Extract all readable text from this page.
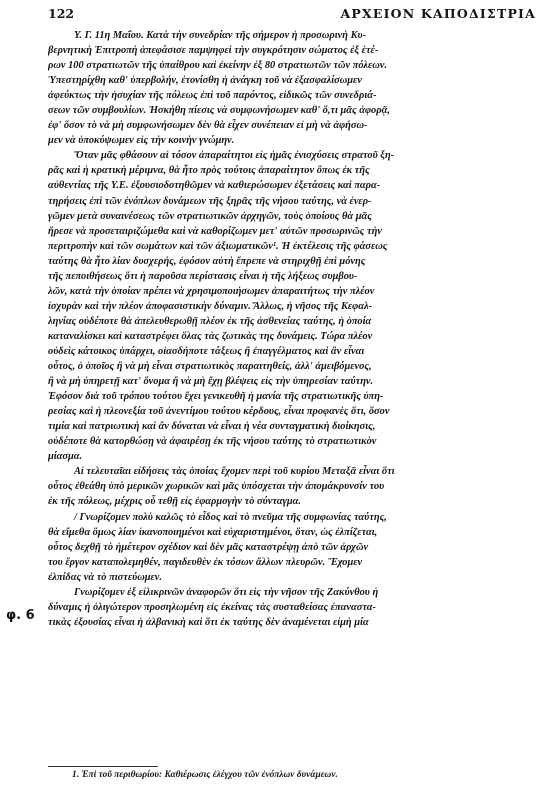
122	ΑΡΧΕΙΟΝ ΚΑΠΟΔΙΣΤΡΙΑ
φ. 6
Υ. Γ. 11η Μαΐου. Κατὰ τὴν συνεδρίαν τῆς σήμερον ἡ προσωρινὴ Κυ-
βερνητικὴ Ἐπιτροπὴ ἀπεφάσισε παμψηφεὶ τὴν συγκρότησιν σώματος ἐξ ἑτέ-
ρων 100 στρατιωτῶν τῆς ὑπαίθρου καὶ ἐκείνην ἐξ 80 στρατιωτῶν τῶν πόλεων.
Ὑπεστηρίχθη καθ' ὑπερβολήν, ἐτονίσθη ἡ ἀνάγκη τοῦ νὰ ἐξασφαλίσωμεν
ἀφεύκτως τὴν ἡσυχίαν τῆς πόλεως ἐπὶ τοῦ παρόντος, εἰδικῶς τῶν συνεδριά-
σεων τῶν συμβουλίων. Ἠσκήθη πίεσις νὰ συμφωνήσωμεν καθ' ὅ,τι μᾶς ἀφορᾷ,
ἐφ' ὅσον τὸ νὰ μὴ συμφωνήσωμεν δὲν θὰ εἶχεν συνέπειαν εἰ μὴ νὰ ἀφήσω-
μεν νὰ ὑποκύψωμεν εἰς τὴν κοινὴν γνώμην.
Ὅταν μᾶς φθάσουν αἱ τόσον ἀπαραίτητοι εἰς ἡμᾶς ἐνισχύσεις στρατοῦ ξη-
ρᾶς καὶ ἡ κρατικὴ μέριμνα, θὰ ἦτο πρὸς τούτοις ἀπαραίτητον ὅπως ἐκ τῆς
αὐθεντίας τῆς Υ.Ε. ἐξουσιοδοτηθῶμεν νὰ καθιερώσωμεν ἐξετάσεις καὶ παρα-
τηρήσεις ἐπὶ τῶν ἐνόπλων δυνάμεων τῆς ξηρᾶς τῆς νήσου ταύτης, νὰ ἐνερ-
γῶμεν μετὰ συναινέσεως τῶν στρατιωτικῶν ἀρχηγῶν, τοὺς ὁποίους θὰ μᾶς
ἤρεσε νὰ προσεταιριζώμεθα καὶ νὰ καθορίζωμεν μετ' αὐτῶν προσωρινῶς τὴν
περιτροπὴν καὶ τῶν σωμάτων καὶ τῶν ἀξιωματικῶν¹. Ἡ ἐκτέλεσις τῆς φάσεως
ταύτης θὰ ἦτο λίαν δυσχερής, ἐφόσον αὐτὴ ἔπρεπε νὰ στηριχθῇ ἐπὶ μόνης
τῆς πεποιθήσεως ὅτι ἡ παροῦσα περίστασις εἶναι ἡ τῆς λήξεως συμβου-
λῶν, κατὰ τὴν ὁποίαν πρέπει νὰ χρησιμοποιήσωμεν ἀπαραιτήτως τὴν πλέον
ἰσχυρὰν καὶ τὴν πλέον ἀποφασιστικὴν δύναμιν. Ἄλλως, ἡ νῆσος τῆς Κεφαλ-
ληνίας οὐδέποτε θὰ ἀπελευθερωθῇ πλέον ἐκ τῆς ἀσθενείας ταύτης, ἡ ὁποία
καταναλίσκει καὶ καταστρέφει ὅλας τὰς ζωτικὰς της δυνάμεις. Τώρα πλέον
οὐδεὶς κάτοικος ὑπάρχει, οἱασδήποτε τάξεως ἢ ἐπαγγέλματος καὶ ἂν εἶναι
οὗτος, ὁ ὁποῖος ἢ νὰ μὴ εἶναι στρατιωτικὸς παραιτηθείς, ἀλλ' ἀμειβόμενος,
ἢ νὰ μὴ ὑπηρετῇ κατ' ὄνομα ἢ νὰ μὴ ἔχῃ βλέψεις εἰς τὴν ὑπηρεσίαν ταύτην.
Ἐφόσον διὰ τοῦ τρόπου τούτου ἔχει γενικευθῆ ἡ μανία τῆς στρατιωτικῆς ὑπη-
ρεσίας καὶ ἡ πλεονεξία τοῦ ἀνεντίμου τούτου κέρδους, εἶναι προφανὲς ὅτι, ὅσον
τιμία καὶ πατριωτικὴ καὶ ἂν δύναται νὰ εἶναι ἡ νέα συνταγματικὴ διοίκησις,
οὐδέποτε θὰ κατορθώσῃ νὰ ἀφαιρέσῃ ἐκ τῆς νήσου ταύτης τὸ στρατιωτικὸν
μίασμα.
Αἱ τελευταῖαι εἰδήσεις τὰς ὁποίας ἔχομεν περὶ τοῦ κυρίου Μεταξᾶ εἶναι ὅτι
οὗτος ἐθεάθη ὑπὸ μερικῶν χωρικῶν καὶ μᾶς ὑπόσχεται τὴν ἀπομάκρυνσίν του
ἐκ τῆς πόλεως, μέχρις οὗ τεθῇ εἰς ἐφαρμογὴν τὸ σύνταγμα.
/ Γνωρίζομεν πολὺ καλῶς τὸ εἶδος καὶ τὸ πνεῦμα τῆς συμφωνίας ταύτης,
θὰ εἴμεθα ὅμως λίαν ἱκανοποιημένοι καὶ εὐχαριστημένοι, ὅταν, ὡς ἐλπίζεται,
οὗτος δεχθῇ τὸ ἡμέτερον σχέδιον καὶ δὲν μᾶς καταστρέψῃ ἀπὸ τῶν ἀρχῶν
του ἔργον καταπολεμηθέν, παγιδευθὲν ἐκ τόσων ἄλλων πλευρῶν. Ἔχομεν
ἐλπίδας νὰ τὸ πιστεύωμεν.
Γνωρίζομεν ἐξ εἰλικρινῶν ἀναφορῶν ὅτι εἰς τὴν νῆσον τῆς Ζακύνθου ἡ
δύναμις ἡ ὀλιγώτερον προσηλωμένη εἰς ἐκείνας τὰς συσταθείσας ἐπαναστα-
τικὰς ἐξουσίας εἶναι ἡ ἀλβανικὴ καὶ ὅτι ἐκ ταύτης δὲν ἀναμένεται εἰμὴ μία
1. Ἐπὶ τοῦ περιθωρίου: Καθιέρωσις ἐλέγχου τῶν ἐνόπλων δυνάμεων.
